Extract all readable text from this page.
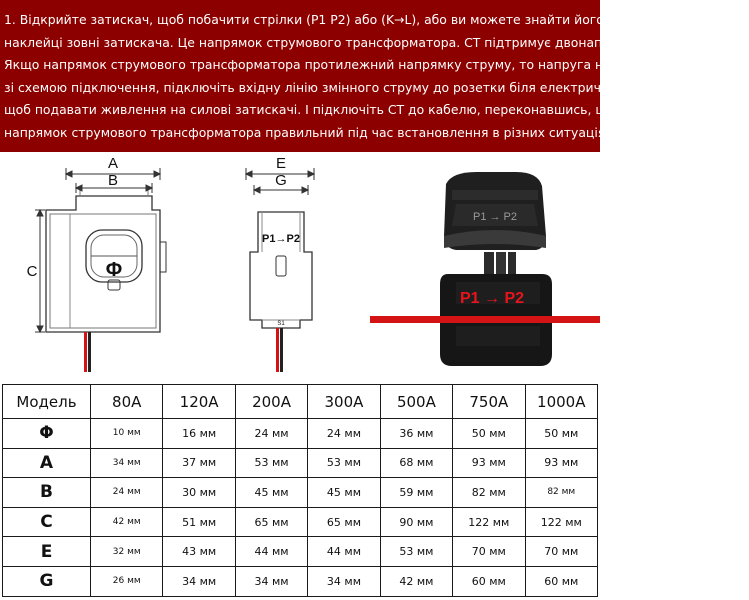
1. Відкрийте затискач, щоб побачити стрілки (P1 P2) або (K→L), або ви можете знайти його на

наклейці зовні затискача. Це напрямок струмового трансформатора. CT підтримує двонаправлене вимірювання.

Якщо напрямок струмового трансформатора протилежний напрямку струму, то напруга негативна. 2. Згідно

зі схемою підключення, підключіть вхідну лінію змінного струму до розетки біля електричної коробки,

щоб подавати живлення на силові затискачі. І підключіть CT до кабелю, переконавшись, що

напрямок струмового трансформатора правильний під час встановлення в різних ситуаціях.

A
B
C	Φ
E
G
P1→P2
S1
P1 → P2
P1 → P2
Модель	80A	120A	200A	300A	500A	750A	1000A
Φ	10 мм	16 мм	24 мм	24 мм	36 мм	50 мм	50 мм
A	34 мм	37 мм	53 мм	53 мм	68 мм	93 мм	93 мм
B	24 мм	30 мм	45 мм	45 мм	59 мм	82 мм	82 мм
C	42 мм	51 мм	65 мм	65 мм	90 мм	122 мм	122 мм
E	32 мм	43 мм	44 мм	44 мм	53 мм	70 мм	70 мм
G	26 мм	34 мм	34 мм	34 мм	42 мм	60 мм	60 мм
